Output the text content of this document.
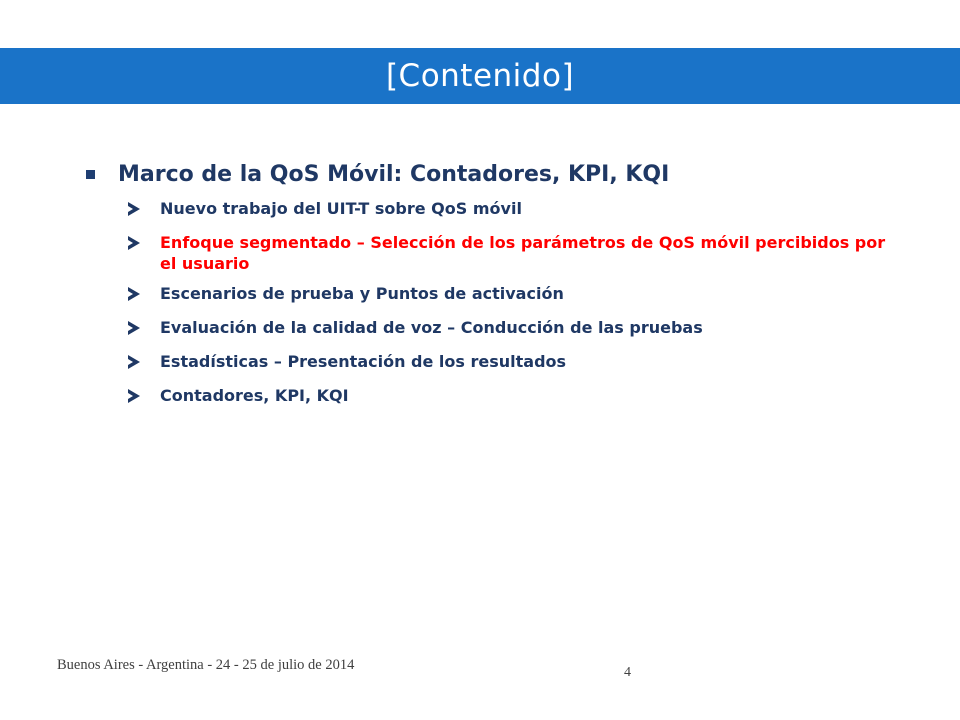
[Contenido]
Marco de la QoS Móvil: Contadores, KPI, KQI
Nuevo trabajo del UIT-T sobre QoS móvil
Enfoque segmentado – Selección de los parámetros de QoS móvil percibidos por el usuario
Escenarios de prueba y Puntos de activación
Evaluación de la calidad de voz – Conducción de las pruebas
Estadísticas – Presentación de los resultados
Contadores, KPI, KQI
Buenos Aires - Argentina - 24 - 25 de julio de 2014	4
